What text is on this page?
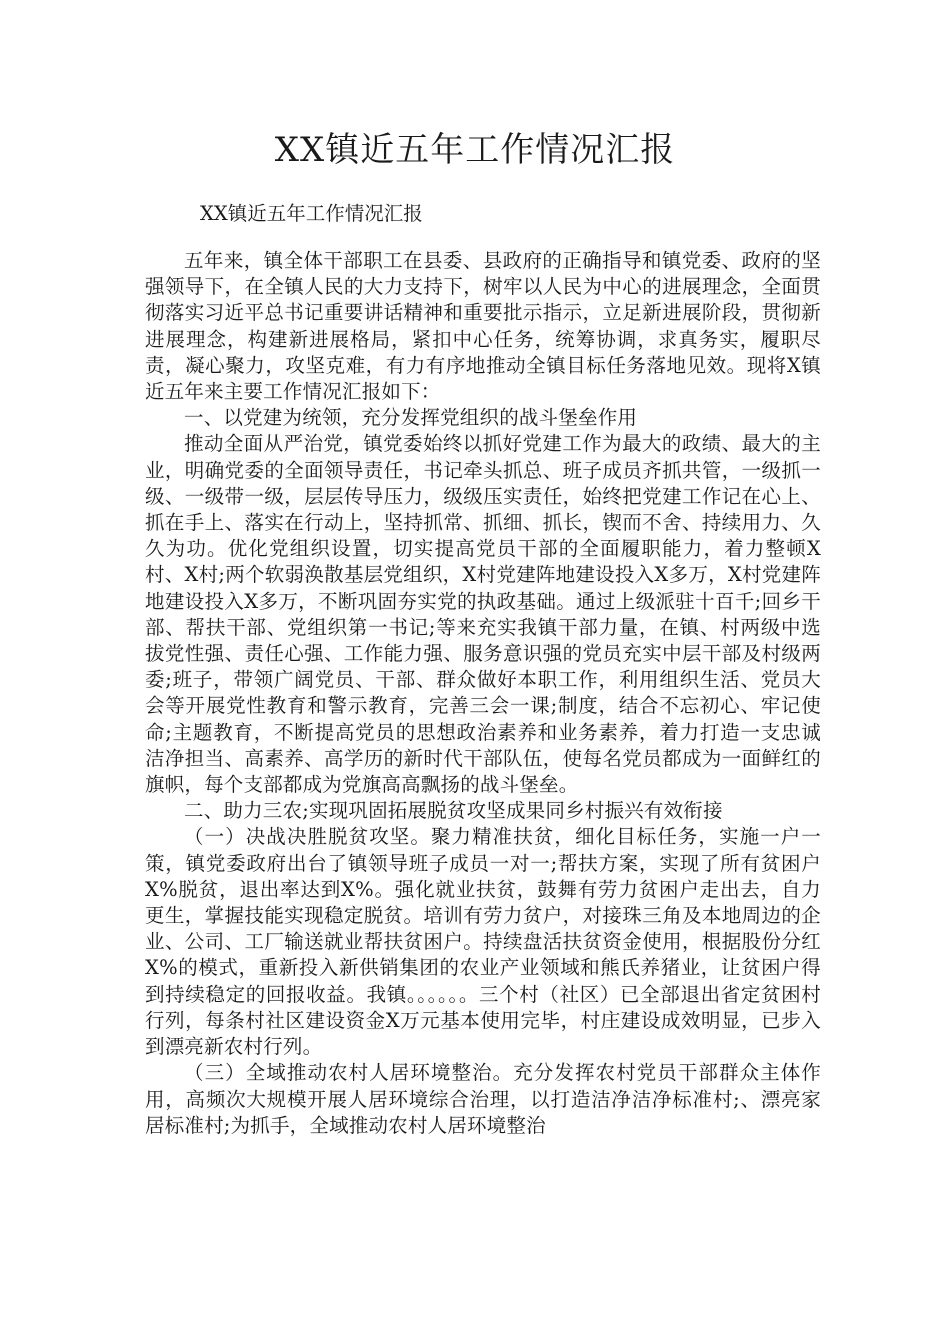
XX镇近五年工作情况汇报

XX镇近五年工作情况汇报

五年来，镇全体干部职工在县委、县政府的正确指导和镇党委、政府的坚强领导下，在全镇人民的大力支持下，树牢以人民为中心的进展理念，全面贯彻落实习近平总书记重要讲话精神和重要批示指示，立足新进展阶段，贯彻新进展理念，构建新进展格局，紧扣中心任务，统筹协调，求真务实，履职尽责，凝心聚力，攻坚克难，有力有序地推动全镇目标任务落地见效。现将X镇近五年来主要工作情况汇报如下：

一、以党建为统领，充分发挥党组织的战斗堡垒作用

推动全面从严治党，镇党委始终以抓好党建工作为最大的政绩、最大的主业，明确党委的全面领导责任，书记牵头抓总、班子成员齐抓共管，一级抓一级、一级带一级，层层传导压力，级级压实责任，始终把党建工作记在心上、抓在手上、落实在行动上，坚持抓常、抓细、抓长，锲而不舍、持续用力、久久为功。优化党组织设置，切实提高党员干部的全面履职能力，着力整顿X村、X村;两个软弱涣散基层党组织，X村党建阵地建设投入X多万，X村党建阵地建设投入X多万，不断巩固夯实党的执政基础。通过上级派驻十百千;回乡干部、帮扶干部、党组织第一书记;等来充实我镇干部力量，在镇、村两级中选拔党性强、责任心强、工作能力强、服务意识强的党员充实中层干部及村级两委;班子，带领广阔党员、干部、群众做好本职工作，利用组织生活、党员大会等开展党性教育和警示教育，完善三会一课;制度，结合不忘初心、牢记使命;主题教育，不断提高党员的思想政治素养和业务素养，着力打造一支忠诚洁净担当、高素养、高学历的新时代干部队伍，使每名党员都成为一面鲜红的旗帜，每个支部都成为党旗高高飘扬的战斗堡垒。

二、助力三农;实现巩固拓展脱贫攻坚成果同乡村振兴有效衔接

（一）决战决胜脱贫攻坚。聚力精准扶贫，细化目标任务，实施一户一策，镇党委政府出台了镇领导班子成员一对一;帮扶方案，实现了所有贫困户X%脱贫，退出率达到X%。强化就业扶贫，鼓舞有劳力贫困户走出去，自力更生，掌握技能实现稳定脱贫。培训有劳力贫户，对接珠三角及本地周边的企业、公司、工厂输送就业帮扶贫困户。持续盘活扶贫资金使用，根据股份分红X%的模式，重新投入新供销集团的农业产业领域和熊氏养猪业，让贫困户得到持续稳定的回报收益。我镇。。。。。。三个村（社区）已全部退出省定贫困村行列，每条村社区建设资金X万元基本使用完毕，村庄建设成效明显，已步入到漂亮新农村行列。

（三）全域推动农村人居环境整治。充分发挥农村党员干部群众主体作用，高频次大规模开展人居环境综合治理，以打造洁净洁净标准村;、漂亮家居标准村;为抓手，全域推动农村人居环境整治
